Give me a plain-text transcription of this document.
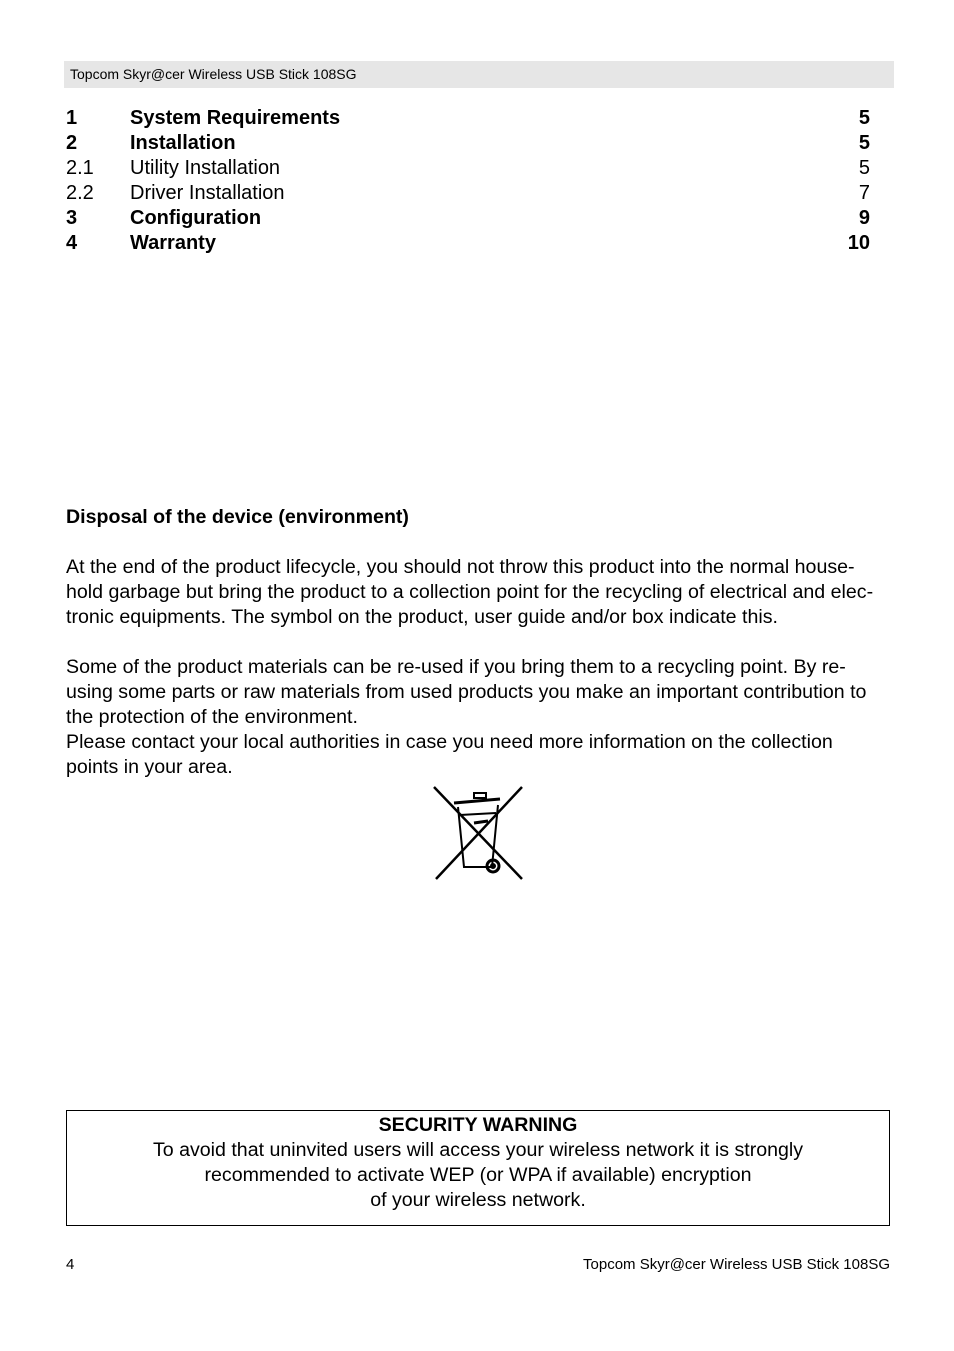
Topcom Skyr@cer Wireless USB Stick 108SG
1	System Requirements	5
2	Installation	5
2.1 Utility Installation	5
2.2 Driver Installation	7
3	Configuration	9
4	Warranty	10
Disposal of the device (environment)

At the end of the product lifecycle, you should not throw this product into the normal house-
hold garbage but bring the product to a collection point for the recycling of electrical and elec-
tronic equipments. The symbol on the product, user guide and/or box indicate this.

Some of the product materials can be re-used if you bring them to a recycling point. By re-
using some parts or raw materials from used products you make an important contribution to
the protection of the environment.
Please contact your local authorities in case you need more information on the collection
points in your area.

SECURITY WARNING
To avoid that uninvited users will access your wireless network it is strongly
recommended to activate WEP (or WPA if available) encryption
of your wireless network.
4	Topcom Skyr@cer Wireless USB Stick 108SG
